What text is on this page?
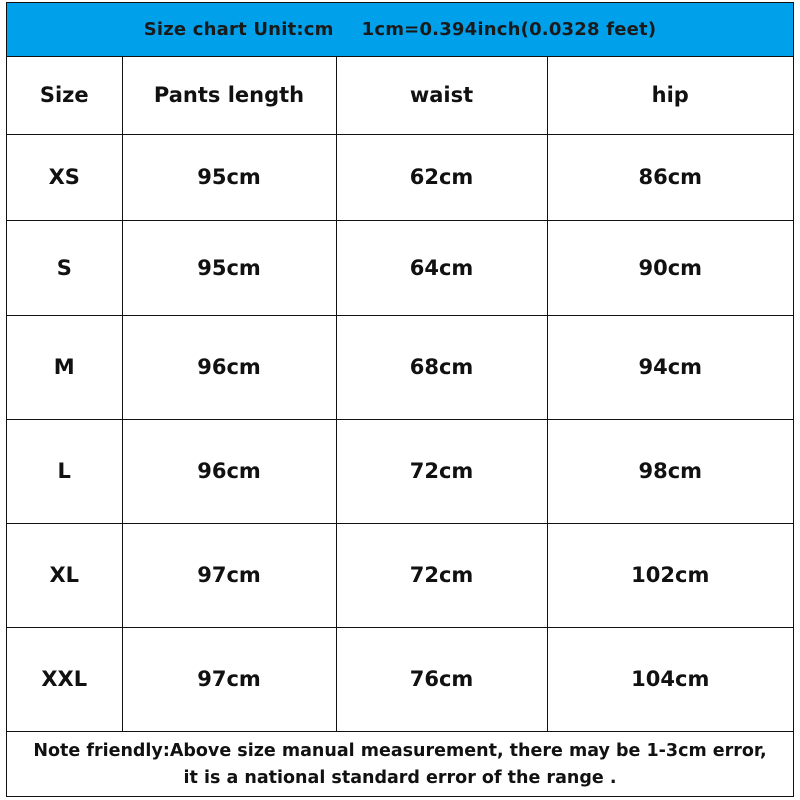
Size chart Unit:cm 1cm=0.394inch(0.0328 feet)
Size	Pants length	waist	hip
XS	95cm	62cm	86cm
S	95cm	64cm	90cm
M	96cm	68cm	94cm
L	96cm	72cm	98cm
XL	97cm	72cm	102cm
XXL	97cm	76cm	104cm
Note friendly:Above size manual measurement, there may be 1-3cm error,
it is a national standard error of the range .
